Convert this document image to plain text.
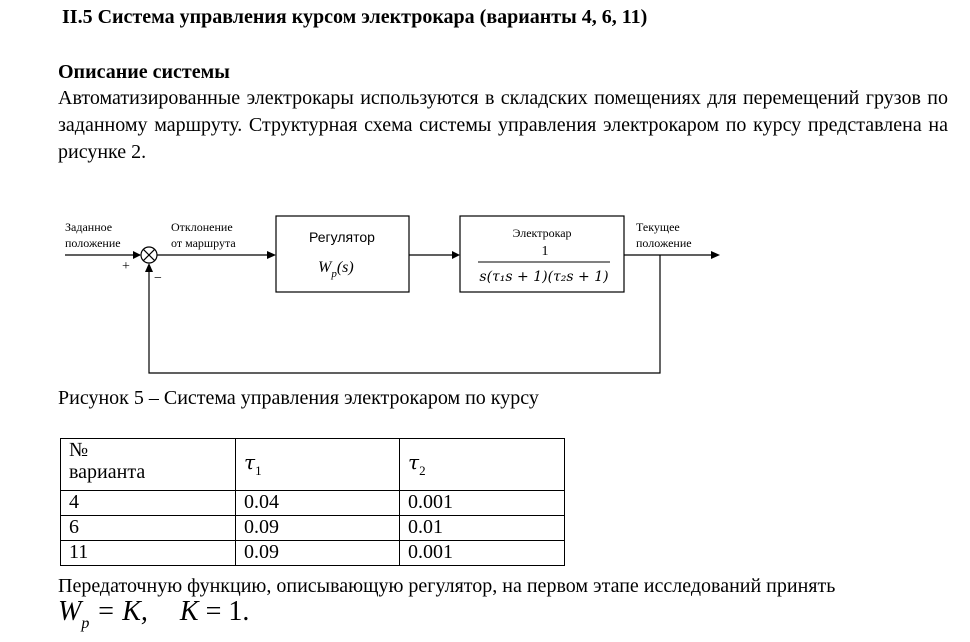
II.5 Система управления курсом электрокара (варианты 4, 6, 11)
Описание системы
Автоматизированные электрокары используются в складских помещениях для перемещений грузов по заданному маршруту. Структурная схема системы управления электрокаром по курсу представлена на рисунке 2.
Заданное
положение
Отклонение
от маршрута
Текущее
положение
+
−
Регулятор
$W_p(s)$
Электрокар
1
s(τ₁s + 1)(τ₂s + 1)
Рисунок 5 – Система управления электрокаром по курсу
№
варианта	$\tau_1$	$\tau_2$

4	0.04	0.001
6	0.09	0.01
11	0.09	0.001
Передаточную функцию, описывающую регулятор, на первом этапе исследований принять
$W_p = K$, K = 1.
